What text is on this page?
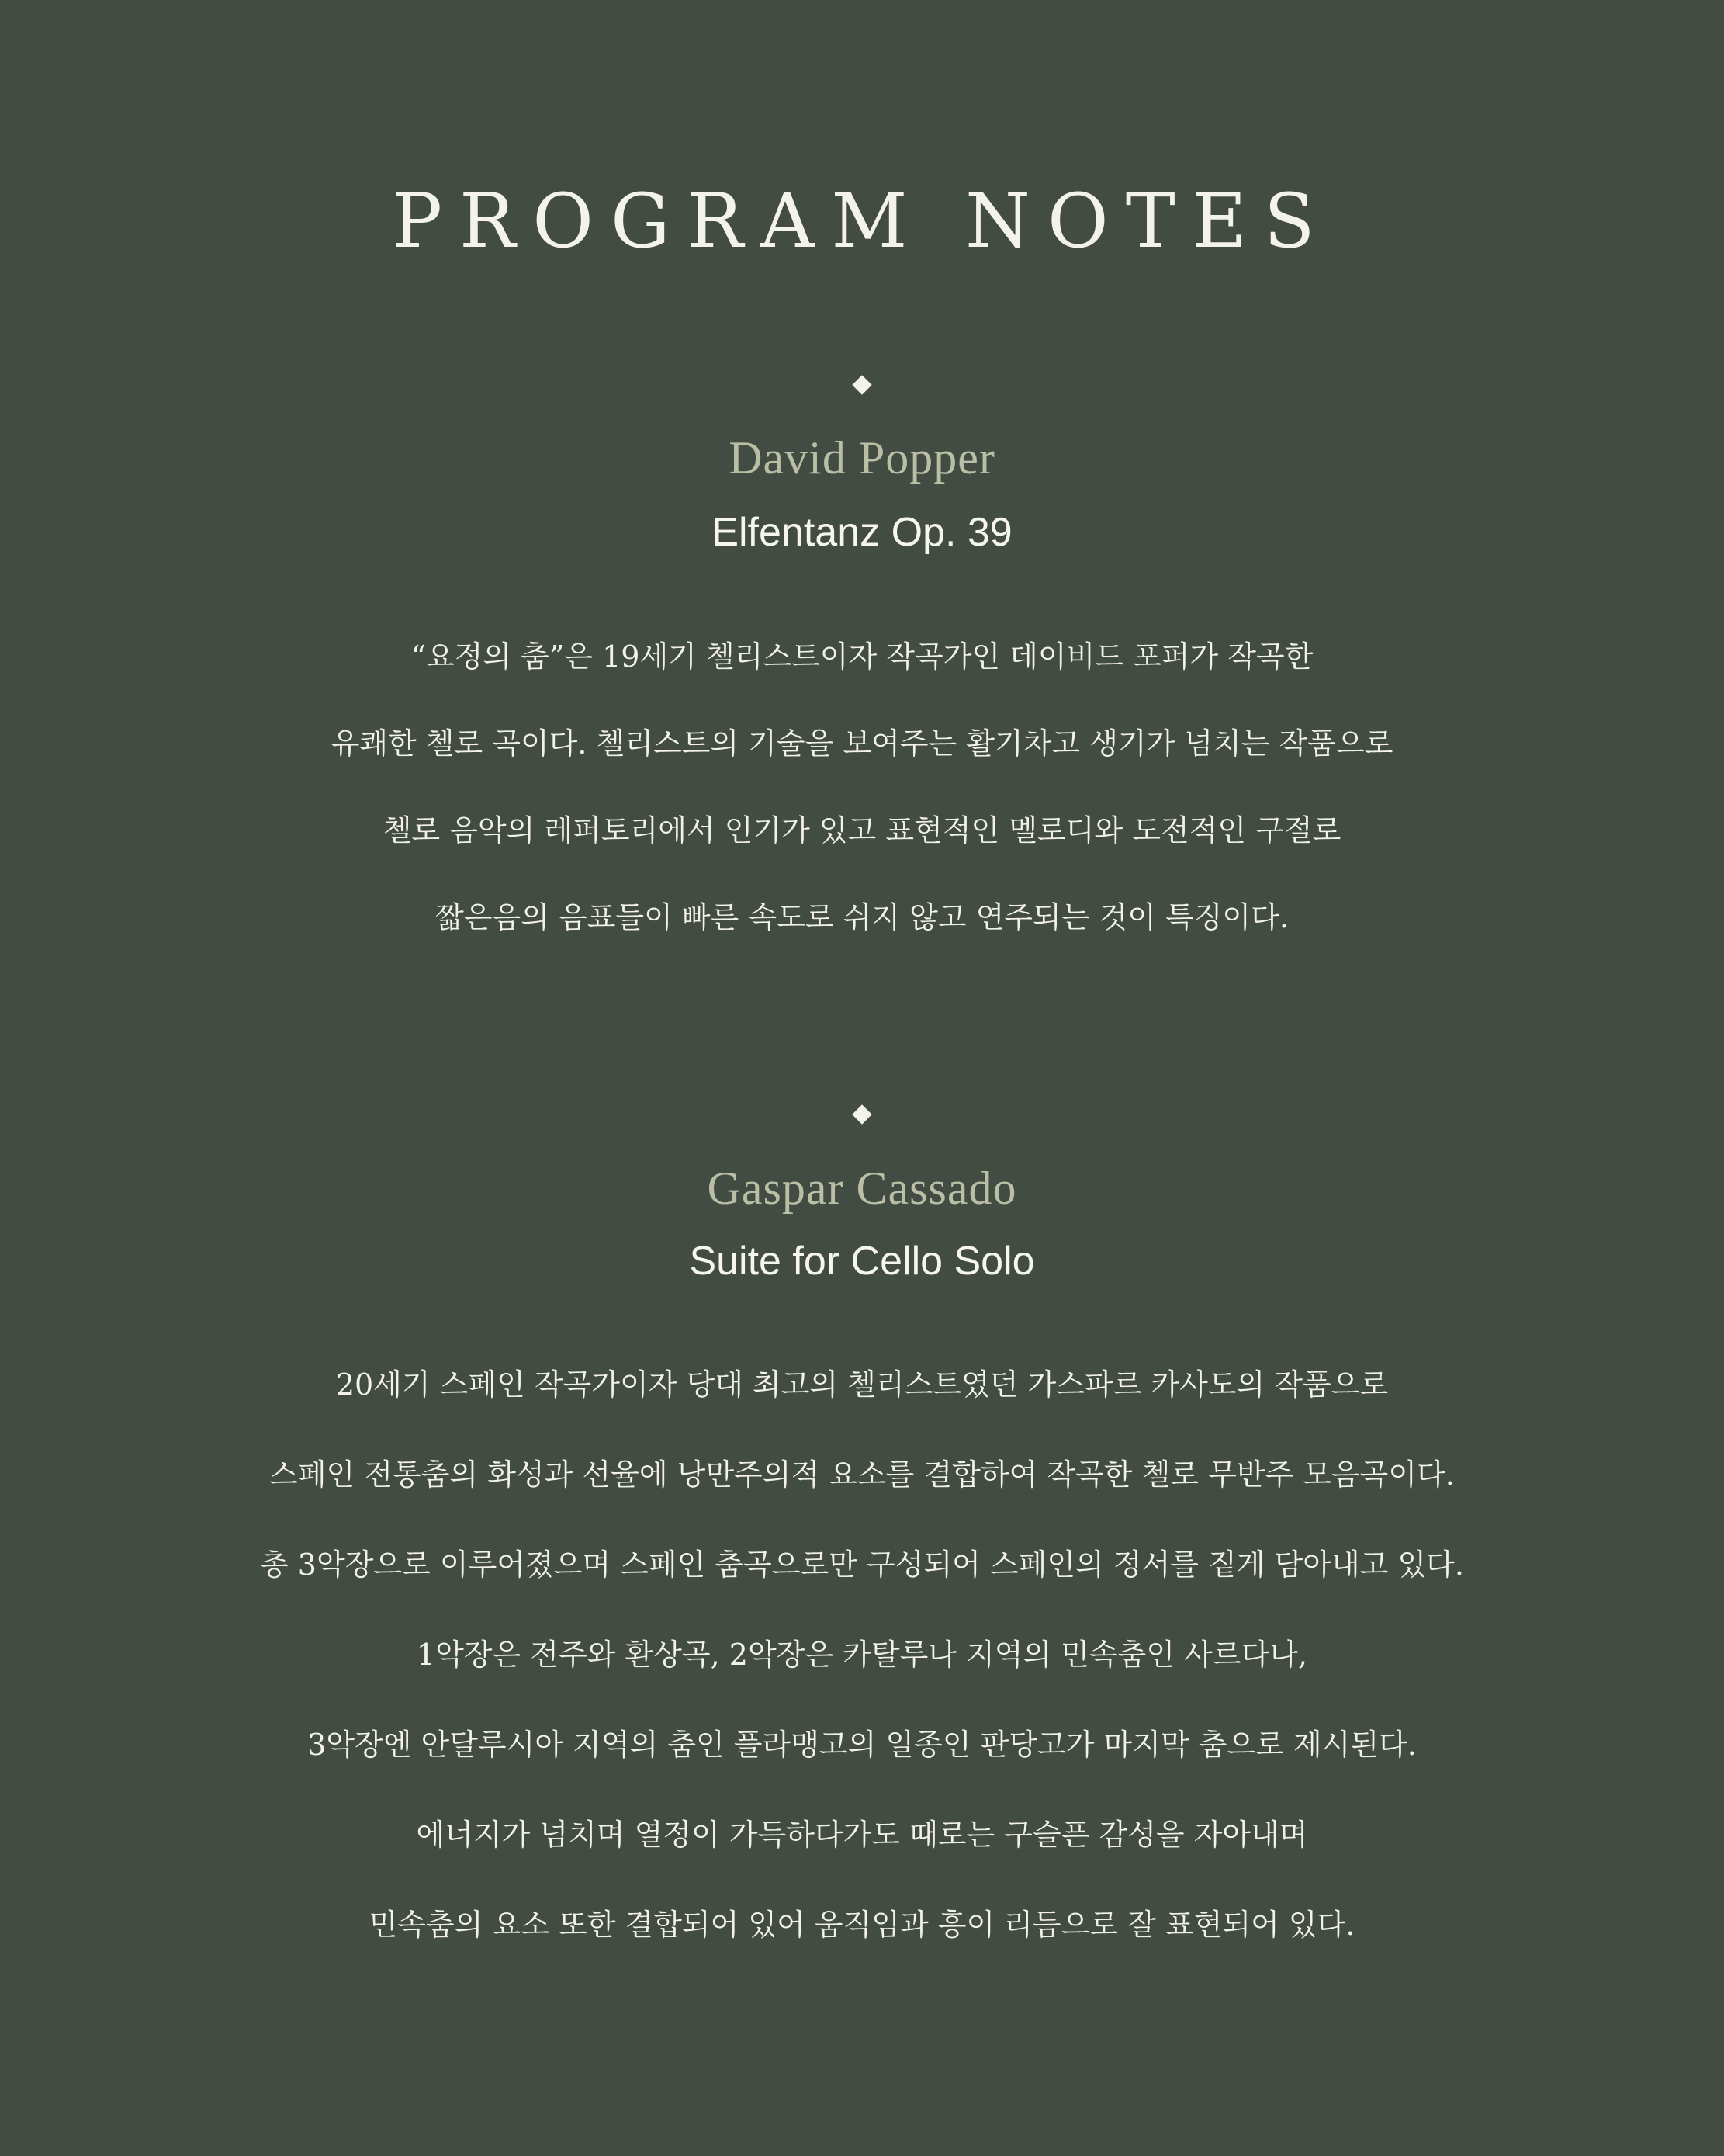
PROGRAM NOTES

David Popper

Elfentanz Op. 39

“요정의 춤”은 19세기 첼리스트이자 작곡가인 데이비드 포퍼가 작곡한

유쾌한 첼로 곡이다. 첼리스트의 기술을 보여주는 활기차고 생기가 넘치는 작품으로

첼로 음악의 레퍼토리에서 인기가 있고 표현적인 멜로디와 도전적인 구절로

짧은음의 음표들이 빠른 속도로 쉬지 않고 연주되는 것이 특징이다.

Gaspar Cassado

Suite for Cello Solo

20세기 스페인 작곡가이자 당대 최고의 첼리스트였던 가스파르 카사도의 작품으로

스페인 전통춤의 화성과 선율에 낭만주의적 요소를 결합하여 작곡한 첼로 무반주 모음곡이다.

총 3악장으로 이루어졌으며 스페인 춤곡으로만 구성되어 스페인의 정서를 짙게 담아내고 있다.

1악장은 전주와 환상곡, 2악장은 카탈루나 지역의 민속춤인 사르다나,

3악장엔 안달루시아 지역의 춤인 플라맹고의 일종인 판당고가 마지막 춤으로 제시된다.

에너지가 넘치며 열정이 가득하다가도 때로는 구슬픈 감성을 자아내며

민속춤의 요소 또한 결합되어 있어 움직임과 흥이 리듬으로 잘 표현되어 있다.
